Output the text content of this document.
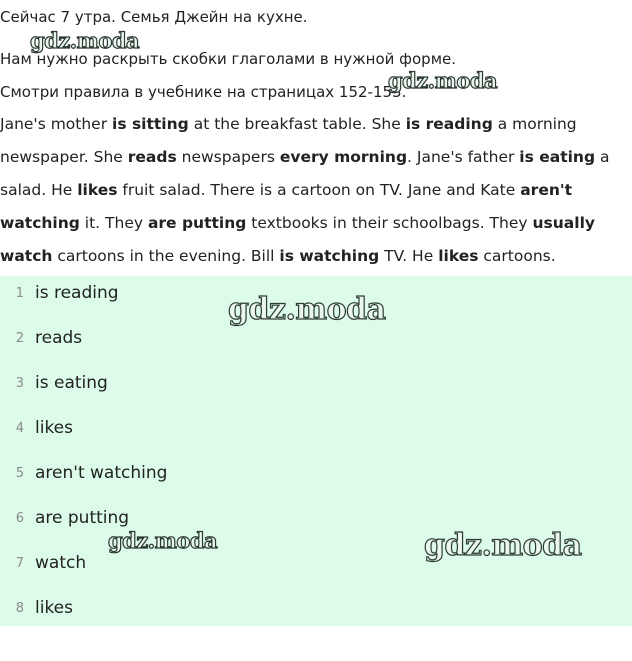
Сейчас 7 утра. Семья Джейн на кухне.
Нам нужно раскрыть скобки глаголами в нужной форме.
Смотри правила в учебнике на страницах 152-153.
Jane's mother is sitting at the breakfast table. She is reading a morning newspaper. She reads newspapers every morning. Jane's father is eating a salad. He likes fruit salad. There is a cartoon on TV. Jane and Kate aren't watching it. They are putting textbooks in their schoolbags. They usually watch cartoons in the evening. Bill is watching TV. He likes cartoons.
1 is reading
2 reads
3 is eating
4 likes
5 aren't watching
6 are putting
7 watch
8 likes
gdz.moda
gdz.moda
gdz.moda
gdz.moda	gdz.moda
